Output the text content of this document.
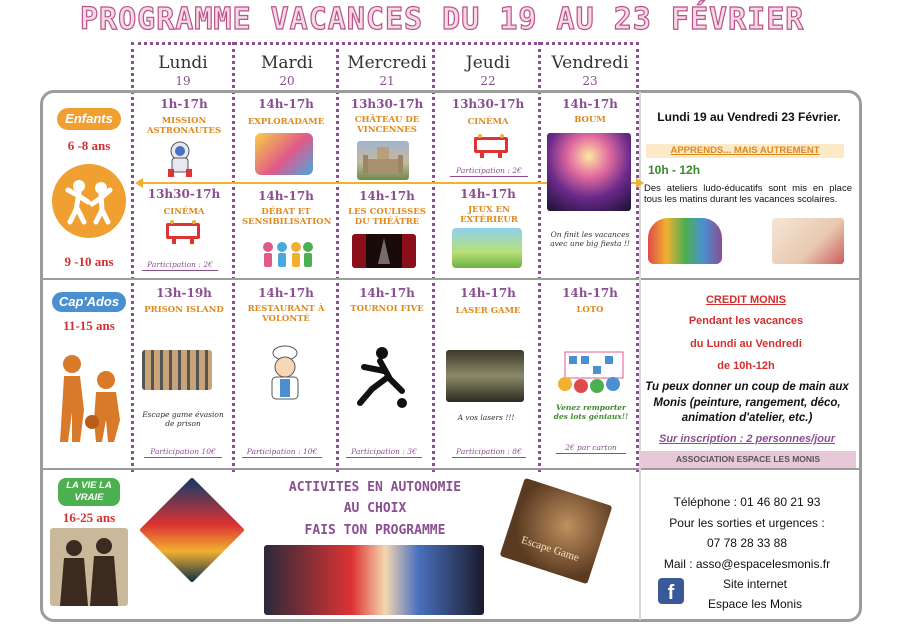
PROGRAMME VACANCES DU 19 AU 23 FÉVRIER
Lundi
19
Mardi
20
Mercredi
21
Jeudi
22
Vendredi
23
Enfants
6 -8 ans
9 -10 ans
1h-17h
MISSION ASTRONAUTES
14h-17h
EXPLORADAME
13h30-17h
CHÂTEAU DE VINCENNES
13h30-17h
CINÉMA
Participation : 2€
14h-17h
BOUM
On finit les vacances avec une big fiesta !!
13h30-17h
CINÉMA
Participation : 2€
14h-17h
DÉBAT ET SENSIBILISATION
14h-17h
LES COULISSES DU THÉÂTRE
14h-17h
JEUX EN EXTÉRIEUR
Lundi 19 au Vendredi 23 Février.
APPRENDS... MAIS AUTREMENT
10h - 12h
Des ateliers ludo-éducatifs sont mis en place tous les matins durant les vacances scolaires.
Cap'Ados
11-15 ans
13h-19h
PRISON ISLAND
Escape game évasion de prison
Participation 10€
14h-17h
RESTAURANT À VOLONTÉ
Participation : 10€
14h-17h
TOURNOI FIVE
Participation : 3€
14h-17h
LASER GAME
A vos lasers !!!
Participation : 8€
14h-17h
LOTO
Venez remporter des lots géniaux!!
2€ par carton
CREDIT MONIS
Pendant les vacances
du Lundi au Vendredi
de 10h-12h
Tu peux donner un coup de main aux Monis (peinture, rangement, déco, animation d'atelier, etc.)
Sur inscription : 2 personnes/jour
ASSOCIATION ESPACE LES MONIS
LA VIE LA
VRAIE
16-25 ans
ACTIVITES EN AUTONOMIE
AU CHOIX
FAIS TON PROGRAMME
Escape Game
Téléphone : 01 46 80 21 93
Pour les sorties et urgences :
07 78 28 33 88
Mail : asso@espacelesmonis.fr
f	Site internet
Espace les Monis
